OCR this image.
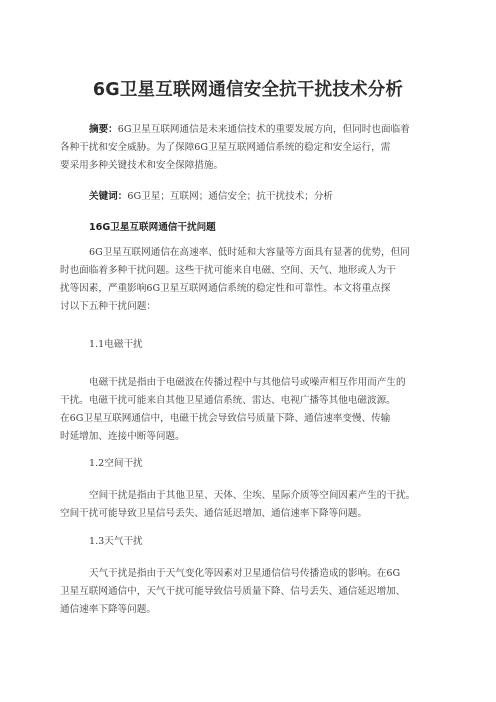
6G卫星互联网通信安全抗干扰技术分析
摘要：6G卫星互联网通信是未来通信技术的重要发展方向，但同时也面临着
各种干扰和安全威胁。为了保障6G卫星互联网通信系统的稳定和安全运行，需
要采用多种关键技术和安全保障措施。
关键词：6G卫星；互联网；通信安全；抗干扰技术；分析
16G卫星互联网通信干扰问题
6G卫星互联网通信在高速率、低时延和大容量等方面具有显著的优势，但同
时也面临着多种干扰问题。这些干扰可能来自电磁、空间、天气、地形或人为干
扰等因素，严重影响6G卫星互联网通信系统的稳定性和可靠性。本文将重点探
讨以下五种干扰问题：
1.1电磁干扰
电磁干扰是指由于电磁波在传播过程中与其他信号或噪声相互作用而产生的
干扰。电磁干扰可能来自其他卫星通信系统、雷达、电视广播等其他电磁波源。
在6G卫星互联网通信中，电磁干扰会导致信号质量下降、通信速率变慢、传输
时延增加、连接中断等问题。
1.2空间干扰
空间干扰是指由于其他卫星、天体、尘埃、星际介质等空间因素产生的干扰。
空间干扰可能导致卫星信号丢失、通信延迟增加、通信速率下降等问题。
1.3天气干扰
天气干扰是指由于天气变化等因素对卫星通信信号传播造成的影响。在6G
卫星互联网通信中，天气干扰可能导致信号质量下降、信号丢失、通信延迟增加、
通信速率下降等问题。
